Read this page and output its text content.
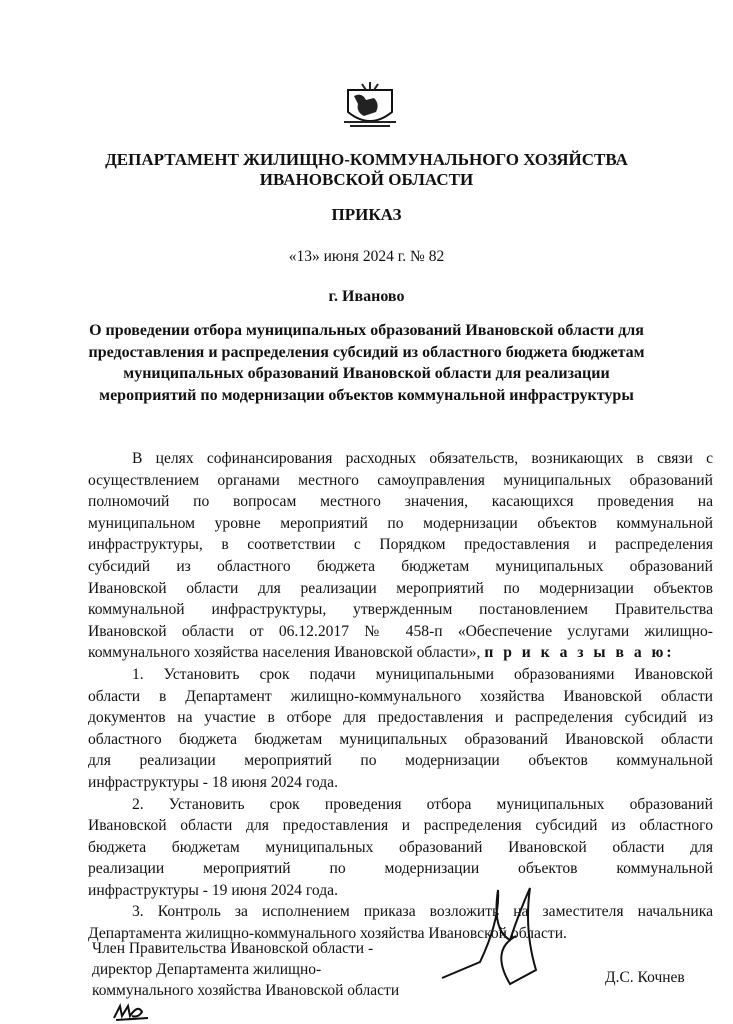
ДЕПАРТАМЕНТ ЖИЛИЩНО-КОММУНАЛЬНОГО ХОЗЯЙСТВА
ИВАНОВСКОЙ ОБЛАСТИ
ПРИКАЗ
«13» июня 2024 г. № 82
г. Иваново
О проведении отбора муниципальных образований Ивановской области для
предоставления и распределения субсидий из областного бюджета бюджетам
муниципальных образований Ивановской области для реализации
мероприятий по модернизации объектов коммунальной инфраструктуры
В целях софинансирования расходных обязательств, возникающих в связи с
осуществлением органами местного самоуправления муниципальных образований
полномочий по вопросам местного значения, касающихся проведения на
муниципальном уровне мероприятий по модернизации объектов коммунальной
инфраструктуры, в соответствии с Порядком предоставления и распределения
субсидий из областного бюджета бюджетам муниципальных образований
Ивановской области для реализации мероприятий по модернизации объектов
коммунальной инфраструктуры, утвержденным постановлением Правительства
Ивановской области от 06.12.2017 № 458-п «Обеспечение услугами жилищно-
коммунального хозяйства населения Ивановской области», п р и к а з ы в а ю:
1. Установить срок подачи муниципальными образованиями Ивановской
области в Департамент жилищно-коммунального хозяйства Ивановской области
документов на участие в отборе для предоставления и распределения субсидий из
областного бюджета бюджетам муниципальных образований Ивановской области
для реализации мероприятий по модернизации объектов коммунальной
инфраструктуры - 18 июня 2024 года.
2. Установить срок проведения отбора муниципальных образований
Ивановской области для предоставления и распределения субсидий из областного
бюджета бюджетам муниципальных образований Ивановской области для
реализации мероприятий по модернизации объектов коммунальной
инфраструктуры - 19 июня 2024 года.
3. Контроль за исполнением приказа возложить на заместителя начальника
Департамента жилищно-коммунального хозяйства Ивановской области.
Член Правительства Ивановской области -
директор Департамента жилищно-
коммунального хозяйства Ивановской области
Д.С. Кочнев
